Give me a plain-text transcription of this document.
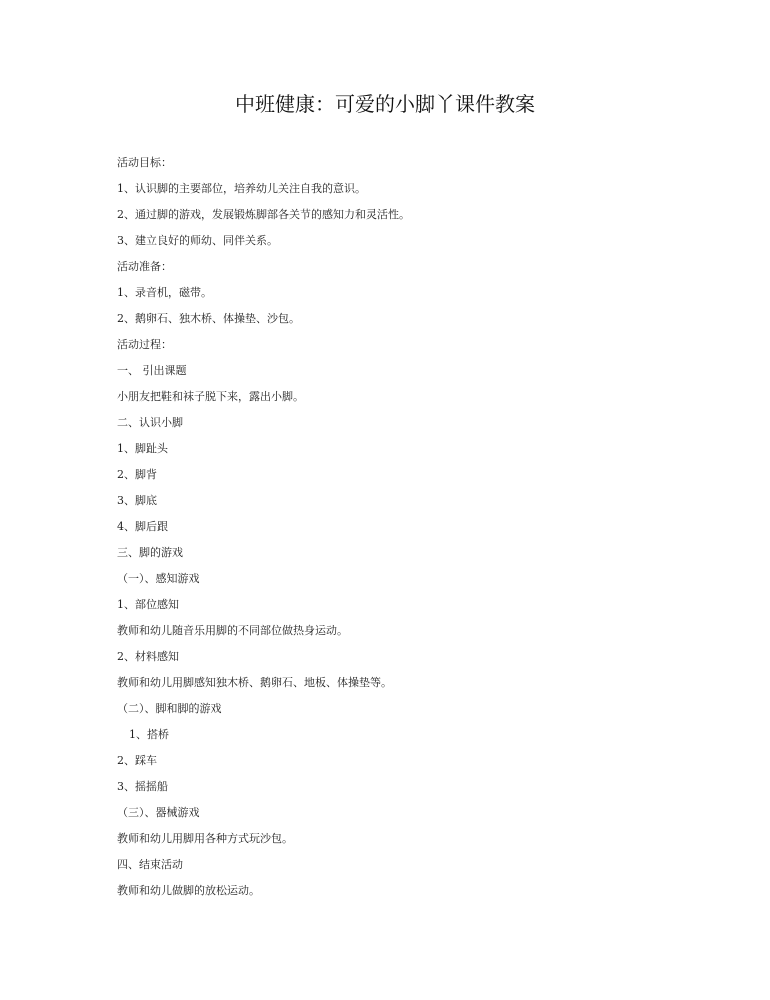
中班健康：可爱的小脚丫课件教案
活动目标：
1、认识脚的主要部位，培养幼儿关注自我的意识。
2、通过脚的游戏，发展锻炼脚部各关节的感知力和灵活性。
3、建立良好的师幼、同伴关系。
活动准备：
1、录音机，磁带。
2、鹅卵石、独木桥、体操垫、沙包。
活动过程：
一、 引出课题
小朋友把鞋和袜子脱下来，露出小脚。
二、认识小脚
1、脚趾头
2、脚背
3、脚底
4、脚后跟
三、脚的游戏
（一）、感知游戏
1、部位感知
教师和幼儿随音乐用脚的不同部位做热身运动。
2、材料感知
教师和幼儿用脚感知独木桥、鹅卵石、地板、体操垫等。
（二）、脚和脚的游戏
1、搭桥
2、踩车
3、摇摇船
（三）、器械游戏
教师和幼儿用脚用各种方式玩沙包。
四、结束活动
教师和幼儿做脚的放松运动。
